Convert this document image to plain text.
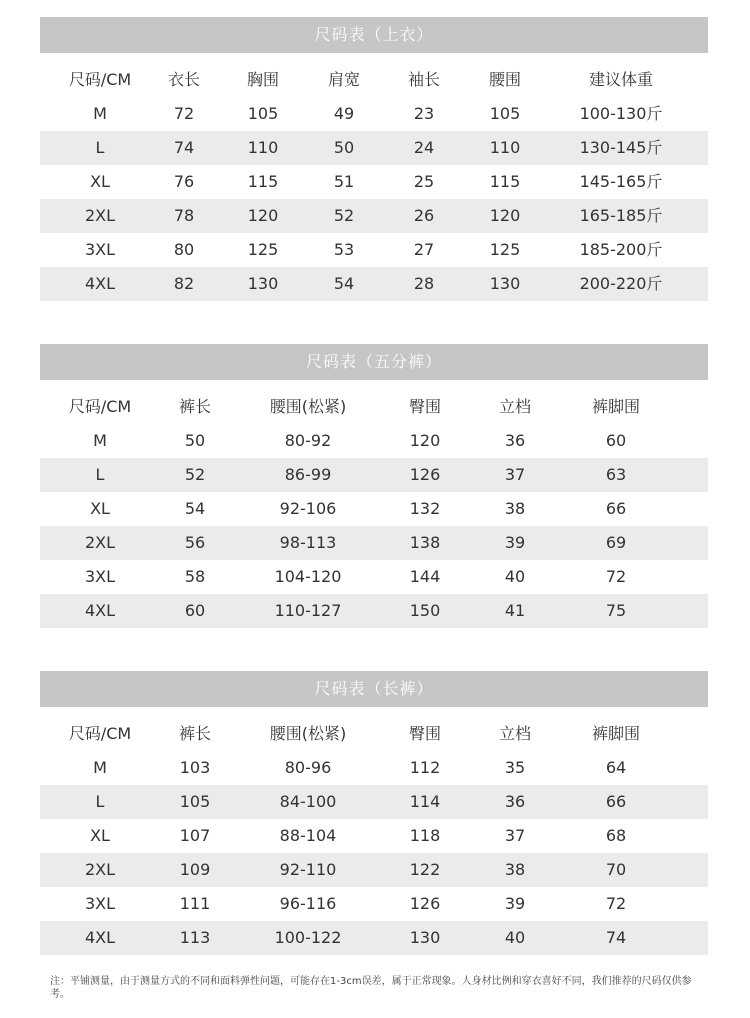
尺码表（上衣）
尺码/CM	衣长	胸围	肩宽	袖长	腰围	建议体重
M	72	105	49	23	105	100-130斤
L	74	110	50	24	110	130-145斤
XL	76	115	51	25	115	145-165斤
2XL	78	120	52	26	120	165-185斤
3XL	80	125	53	27	125	185-200斤
4XL	82	130	54	28	130	200-220斤
尺码表（五分裤）
尺码/CM	裤长	腰围(松紧)	臀围	立档	裤脚围
M	50	80-92	120	36	60
L	52	86-99	126	37	63
XL	54	92-106	132	38	66
2XL	56	98-113	138	39	69
3XL	58	104-120	144	40	72
4XL	60	110-127	150	41	75
尺码表（长裤）
尺码/CM	裤长	腰围(松紧)	臀围	立档	裤脚围
M	103	80-96	112	35	64
L	105	84-100	114	36	66
XL	107	88-104	118	37	68
2XL	109	92-110	122	38	70
3XL	111	96-116	126	39	72
4XL	113	100-122	130	40	74
注：平铺测量，由于测量方式的不同和面料弹性问题，可能存在1-3cm误差，属于正常现象。人身材比例和穿衣喜好不同，我们推荐的尺码仅供参考。
